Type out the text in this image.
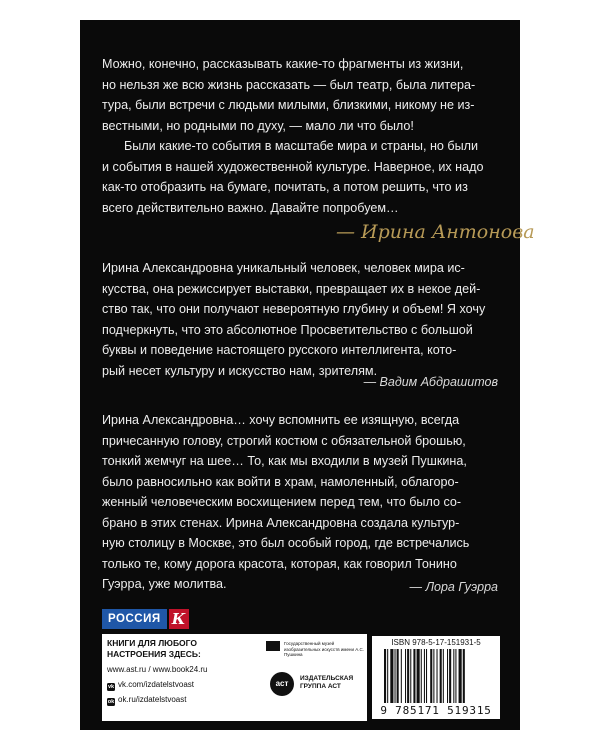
Можно, конечно, рассказывать какие-то фрагменты из жизни,

но нельзя же всю жизнь рассказать — был театр, была литера-

тура, были встречи с людьми милыми, близкими, никому не из-

вестными, но родными по духу, — мало ли что было!

Были какие-то события в масштабе мира и страны, но были

и события в нашей художественной культуре. Наверное, их надо

как-то отобразить на бумаге, почитать, а потом решить, что из

всего действительно важно. Давайте попробуем…

— Ирина Антонова

Ирина Александровна уникальный человек, человек мира ис-

кусства, она режиссирует выставки, превращает их в некое дей-

ство так, что они получают невероятную глубину и объем! Я хочу

подчеркнуть, что это абсолютное Просветительство с большой

буквы и поведение настоящего русского интеллигента, кото-

рый несет культуру и искусство нам, зрителям.

— Вадим Абдрашитов

Ирина Александровна… хочу вспомнить ее изящную, всегда

причесанную голову, строгий костюм с обязательной брошью,

тонкий жемчуг на шее… То, как мы входили в музей Пушкина,

было равносильно как войти в храм, намоленный, облагоро-

женный человеческим восхищением перед тем, что было со-

брано в этих стенах. Ирина Александровна создала культур-

ную столицу в Москве, это был особый город, где встречались

только те, кому дорога красота, которая, как говорил Тонино

Гуэрра, уже молитва.	— Лора Гуэрра
РОССИЯ К
КНИГИ ДЛЯ ЛЮБОГО НАСТРОЕНИЯ ЗДЕСЬ:
www.ast.ru / www.book24.ru
vk vk.com/izdatelstvoast
ok ok.ru/izdatelstvoast
Государственный музей изобразительных искусств имени А.С. Пушкина
аст
ИЗДАТЕЛЬСКАЯ ГРУППА АСТ
ISBN 978-5-17-151931-5
9 785171 519315
